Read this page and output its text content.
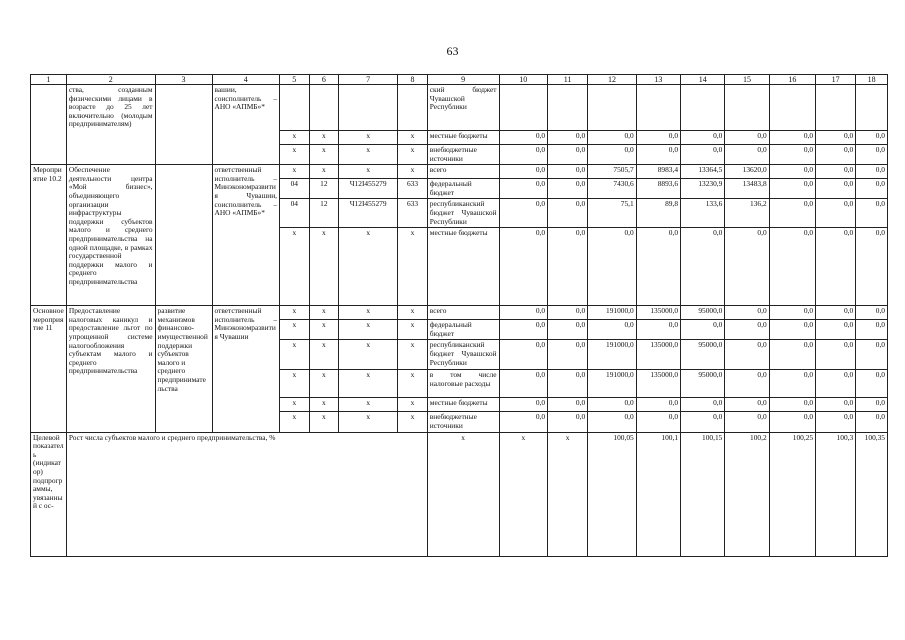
63
1	2	3	4	5	6	7	8	9	10	11	12	13	14	15	16	17	18
	ства, созданным физическими лицами в возрасте до 25 лет включительно (молодым предпринимателям)		вашии, соисполнитель – АНО «АПМБ»*					ский бюджет Чувашской Республики									
				x	x	x	x	местные бюджеты	0,0	0,0	0,0	0,0	0,0	0,0	0,0	0,0	0,0
				x	x	x	x	внебюджетные источники	0,0	0,0	0,0	0,0	0,0	0,0	0,0	0,0	0,0
Мероприятие 10.2	Обеспечение деятельности центра «Мой бизнес», объединяющего организации инфраструктуры поддержки субъектов малого и среднего предпринимательства на одной площадке, в рамках государственной поддержки малого и среднего предпринимательства		ответственный исполнитель – Минэкономразвития Чувашии, соисполнитель – АНО «АПМБ»*	x	x	x	x	всего	0,0	0,0	7505,7	8983,4	13364,5	13620,0	0,0	0,0	0,0
				04	12	Ч12I455279	633	федеральный бюджет	0,0	0,0	7430,6	8893,6	13230,9	13483,8	0,0	0,0	0,0
				04	12	Ч12I455279	633	республиканский бюджет Чувашской Республики	0,0	0,0	75,1	89,8	133,6	136,2	0,0	0,0	0,0
				x	x	x	x	местные бюджеты	0,0	0,0	0,0	0,0	0,0	0,0	0,0	0,0	0,0
Основное мероприятие 11	Предоставление налоговых каникул и предоставление льгот по упрощенной системе налогообложения субъектам малого и среднего предпринимательства	развитие механизмов финансово-имущественной поддержки субъектов малого и среднего предпринимательства	ответственный исполнитель – Минэкономразвития Чувашии	x	x	x	x	всего	0,0	0,0	191000,0	135000,0	95000,0	0,0	0,0	0,0	0,0
				x	x	x	x	федеральный бюджет	0,0	0,0	0,0	0,0	0,0	0,0	0,0	0,0	0,0
				x	x	x	x	республиканский бюджет Чувашской Республики	0,0	0,0	191000,0	135000,0	95000,0	0,0	0,0	0,0	0,0
				x	x	x	x	в том числе налоговые расходы	0,0	0,0	191000,0	135000,0	95000,0	0,0	0,0	0,0	0,0
				x	x	x	x	местные бюджеты	0,0	0,0	0,0	0,0	0,0	0,0	0,0	0,0	0,0
				x	x	x	x	внебюджетные источники	0,0	0,0	0,0	0,0	0,0	0,0	0,0	0,0	0,0
Целевой показатель (индикатор) подпрограммы, увязанный с ос-	Рост числа субъектов малого и среднего предпринимательства, %							x	x	x	100,05	100,1	100,15	100,2	100,25	100,3	100,35
